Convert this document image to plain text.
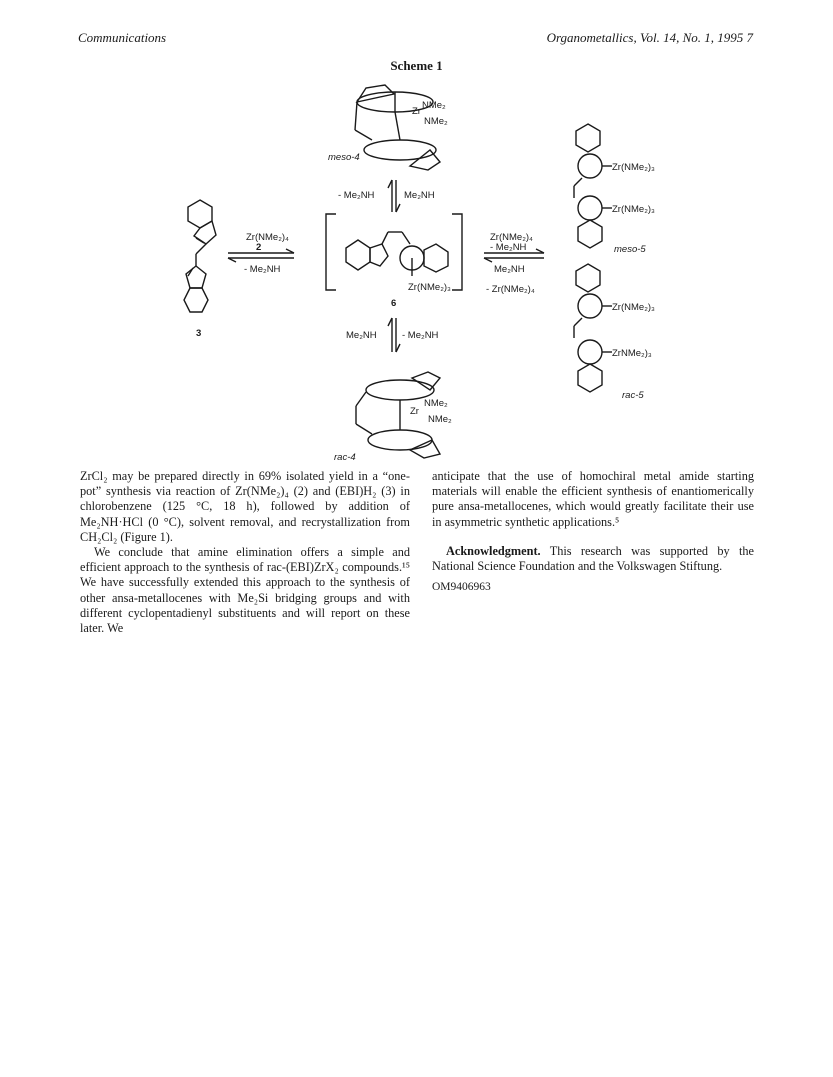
Communications	Organometallics, Vol. 14, No. 1, 1995 7
Scheme 1
Zr
NMe₂
NMe₂
meso-4
- Me₂NH	Me₂NH
Zr(NMe₂)₄
2
- Me₂NH
3
Zr(NMe₂)₃
6
Zr(NMe₂)₄
- Me₂NH
Me₂NH
- Zr(NMe₂)₄
Zr(NMe₂)₃
Zr(NMe₂)₃
meso-5
Zr(NMe₂)₃
ZrNMe₂)₃
rac-5
Me₂NH	- Me₂NH
Zr
NMe₂
NMe₂
rac-4

ZrCl₂ may be prepared directly in 69% isolated yield in a “one-pot” synthesis via reaction of Zr(NMe₂)₄ (2) and (EBI)H₂ (3) in chlorobenzene (125 °C, 18 h), followed by addition of Me₂NH·HCl (0 °C), solvent removal, and recrystallization from CH₂Cl₂ (Figure 1).

We conclude that amine elimination offers a simple and efficient approach to the synthesis of rac-(EBI)ZrX₂ compounds.¹⁵ We have successfully extended this approach to the synthesis of other ansa-metallocenes with Me₂Si bridging groups and with different cyclopentadienyl substituents and will report on these later. We

anticipate that the use of homochiral metal amide starting materials will enable the efficient synthesis of enantiomerically pure ansa-metallocenes, which would greatly facilitate their use in asymmetric synthetic applications.⁵

Acknowledgment. This research was supported by the National Science Foundation and the Volkswagen Stiftung.

OM9406963
